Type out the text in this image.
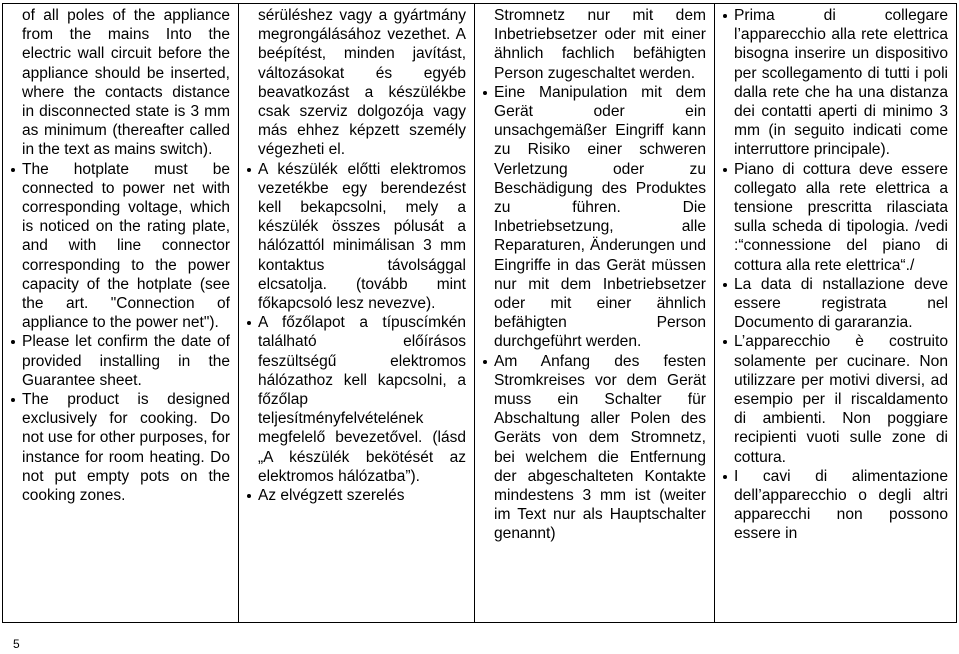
of all poles of the appliance from the mains Into the electric wall circuit before the appliance should be inserted, where the contacts distance in disconnected state is 3 mm as minimum (thereafter called in the text as mains switch).

The hotplate must be connected to power net with corresponding voltage, which is noticed on the rating plate, and with line connector corresponding to the power capacity of the hotplate (see the art. "Connection of appliance to the power net").

Please let confirm the date of provided installing in the Guarantee sheet.

The product is designed exclusively for cooking. Do not use for other purposes, for instance for room heating. Do not put empty pots on the cooking zones.

sérüléshez vagy a gyártmány megrongálásához vezethet. A beépítést, minden javítást, változásokat és egyéb beavatkozást a készülékbe csak szerviz dolgozója vagy más ehhez képzett személy végezheti el.

A készülék előtti elektromos vezetékbe egy berendezést kell bekapcsolni, mely a készülék összes pólusát a hálózattól minimálisan 3 mm kontaktus távolsággal elcsatolja. (tovább mint főkapcsoló lesz nevezve).

A főzőlapot a típuscímkén található előírásos feszültségű elektromos hálózathoz kell kapcsolni, a főzőlap teljesítményfelvételének megfelelő bevezetővel. (lásd „A készülék bekötését az elektromos hálózatba”).

Az elvégzett szerelés

Stromnetz nur mit dem Inbetriebsetzer oder mit einer ähnlich fachlich befähigten Person zugeschaltet werden.

Eine Manipulation mit dem Gerät oder ein unsachgemäßer Eingriff kann zu Risiko einer schweren Verletzung oder zu Beschädigung des Produktes zu führen. Die Inbetriebsetzung, alle Reparaturen, Änderungen und Eingriffe in das Gerät müssen nur mit dem Inbetriebsetzer oder mit einer ähnlich befähigten Person durchgeführt werden.

Am Anfang des festen Stromkreises vor dem Gerät muss ein Schalter für Abschaltung aller Polen des Geräts von dem Stromnetz, bei welchem die Entfernung der abgeschalteten Kontakte mindestens 3 mm ist (weiter im Text nur als Hauptschalter genannt)

Prima di collegare l’apparecchio alla rete elettrica bisogna inserire un dispositivo per scollegamento di tutti i poli dalla rete che ha una distanza dei contatti aperti di minimo 3 mm (in seguito indicati come interruttore principale).

Piano di cottura deve essere collegato alla rete elettrica a tensione prescritta rilasciata sulla scheda di tipologia. /vedi :“connessione del piano di cottura alla rete elettrica“./

La data di nstallazione deve essere registrata nel Documento di gararanzia.

L’apparecchio è costruito solamente per cucinare. Non utilizzare per motivi diversi, ad esempio per il riscaldamento di ambienti. Non poggiare recipienti vuoti sulle zone di cottura.

I cavi di alimentazione dell’apparecchio o degli altri apparecchi non possono essere in

5
